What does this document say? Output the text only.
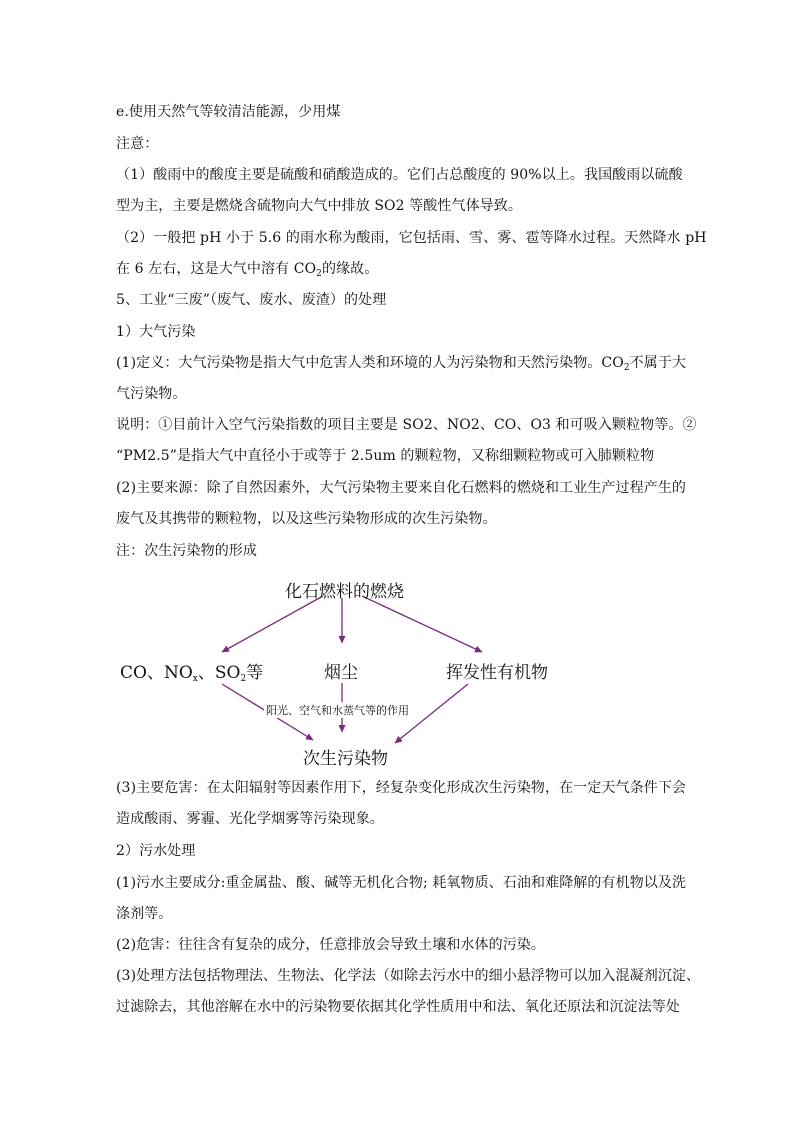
e.使用天然气等较清洁能源，少用煤
注意：
（1）酸雨中的酸度主要是硫酸和硝酸造成的。它们占总酸度的 90%以上。我国酸雨以硫酸
型为主，主要是燃烧含硫物向大气中排放 SO2 等酸性气体导致。
（2）一般把 pH 小于 5.6 的雨水称为酸雨，它包括雨、雪、雾、雹等降水过程。天然降水 pH
在 6 左右，这是大气中溶有 $CO_2$的缘故。
5、工业“三废”（废气、废水、废渣）的处理
1）大气污染
(1)定义：大气污染物是指大气中危害人类和环境的人为污染物和天然污染物。$CO_2$不属于大
气污染物。
说明：①目前计入空气污染指数的项目主要是 SO2、NO2、CO、O3 和可吸入颗粒物等。②
“PM2.5”是指大气中直径小于或等于 2.5um 的颗粒物，又称细颗粒物或可入肺颗粒物
(2)主要来源：除了自然因素外，大气污染物主要来自化石燃料的燃烧和工业生产过程产生的
废气及其携带的颗粒物，以及这些污染物形成的次生污染物。
注：次生污染物的形成
化石燃料的燃烧
CO、$NO_x$、$SO_2$等	烟尘	挥发性有机物
阳光、空气和水蒸气等的作用
次生污染物
(3)主要危害：在太阳辐射等因素作用下，经复杂变化形成次生污染物，在一定天气条件下会
造成酸雨、雾霾、光化学烟雾等污染现象。
2）污水处理
(1)污水主要成分:重金属盐、酸、碱等无机化合物; 耗氧物质、石油和难降解的有机物以及洗
涤剂等。
(2)危害：往往含有复杂的成分，任意排放会导致土壤和水体的污染。
(3)处理方法包括物理法、生物法、化学法（如除去污水中的细小悬浮物可以加入混凝剂沉淀、
过滤除去，其他溶解在水中的污染物要依据其化学性质用中和法、氧化还原法和沉淀法等处
